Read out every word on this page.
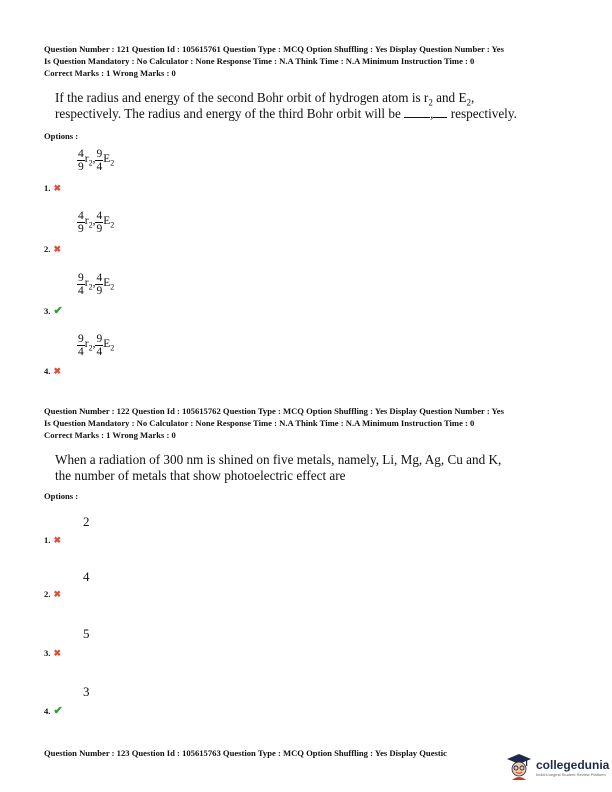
Question Number : 121 Question Id : 105615761 Question Type : MCQ Option Shuffling : Yes Display Question Number : Yes
Is Question Mandatory : No Calculator : None Response Time : N.A Think Time : N.A Minimum Instruction Time : 0
Correct Marks : 1 Wrong Marks : 0
If the radius and energy of the second Bohr orbit of hydrogen atom is $r_2$ and $E_2$,
respectively. The radius and energy of the third Bohr orbit will be , respectively.
Options :
$\frac{4}{9} r_2$, $\frac{9}{4} E_2$
1. ✖
$\frac{4}{9} r_2$, $\frac{4}{9} E_2$
2. ✖
$\frac{9}{4} r_2$, $\frac{4}{9} E_2$
3. ✔
$\frac{9}{4} r_2$, $\frac{9}{4} E_2$
4. ✖
Question Number : 122 Question Id : 105615762 Question Type : MCQ Option Shuffling : Yes Display Question Number : Yes
Is Question Mandatory : No Calculator : None Response Time : N.A Think Time : N.A Minimum Instruction Time : 0
Correct Marks : 1 Wrong Marks : 0
When a radiation of 300 nm is shined on five metals, namely, Li, Mg, Ag, Cu and K,
the number of metals that show photoelectric effect are
Options :
2
1. ✖
4
2. ✖
5
3. ✖
3
4. ✔
Question Number : 123 Question Id : 105615763 Question Type : MCQ Option Shuffling : Yes Display Questic
collegedunia
India's largest Student Review Platform
